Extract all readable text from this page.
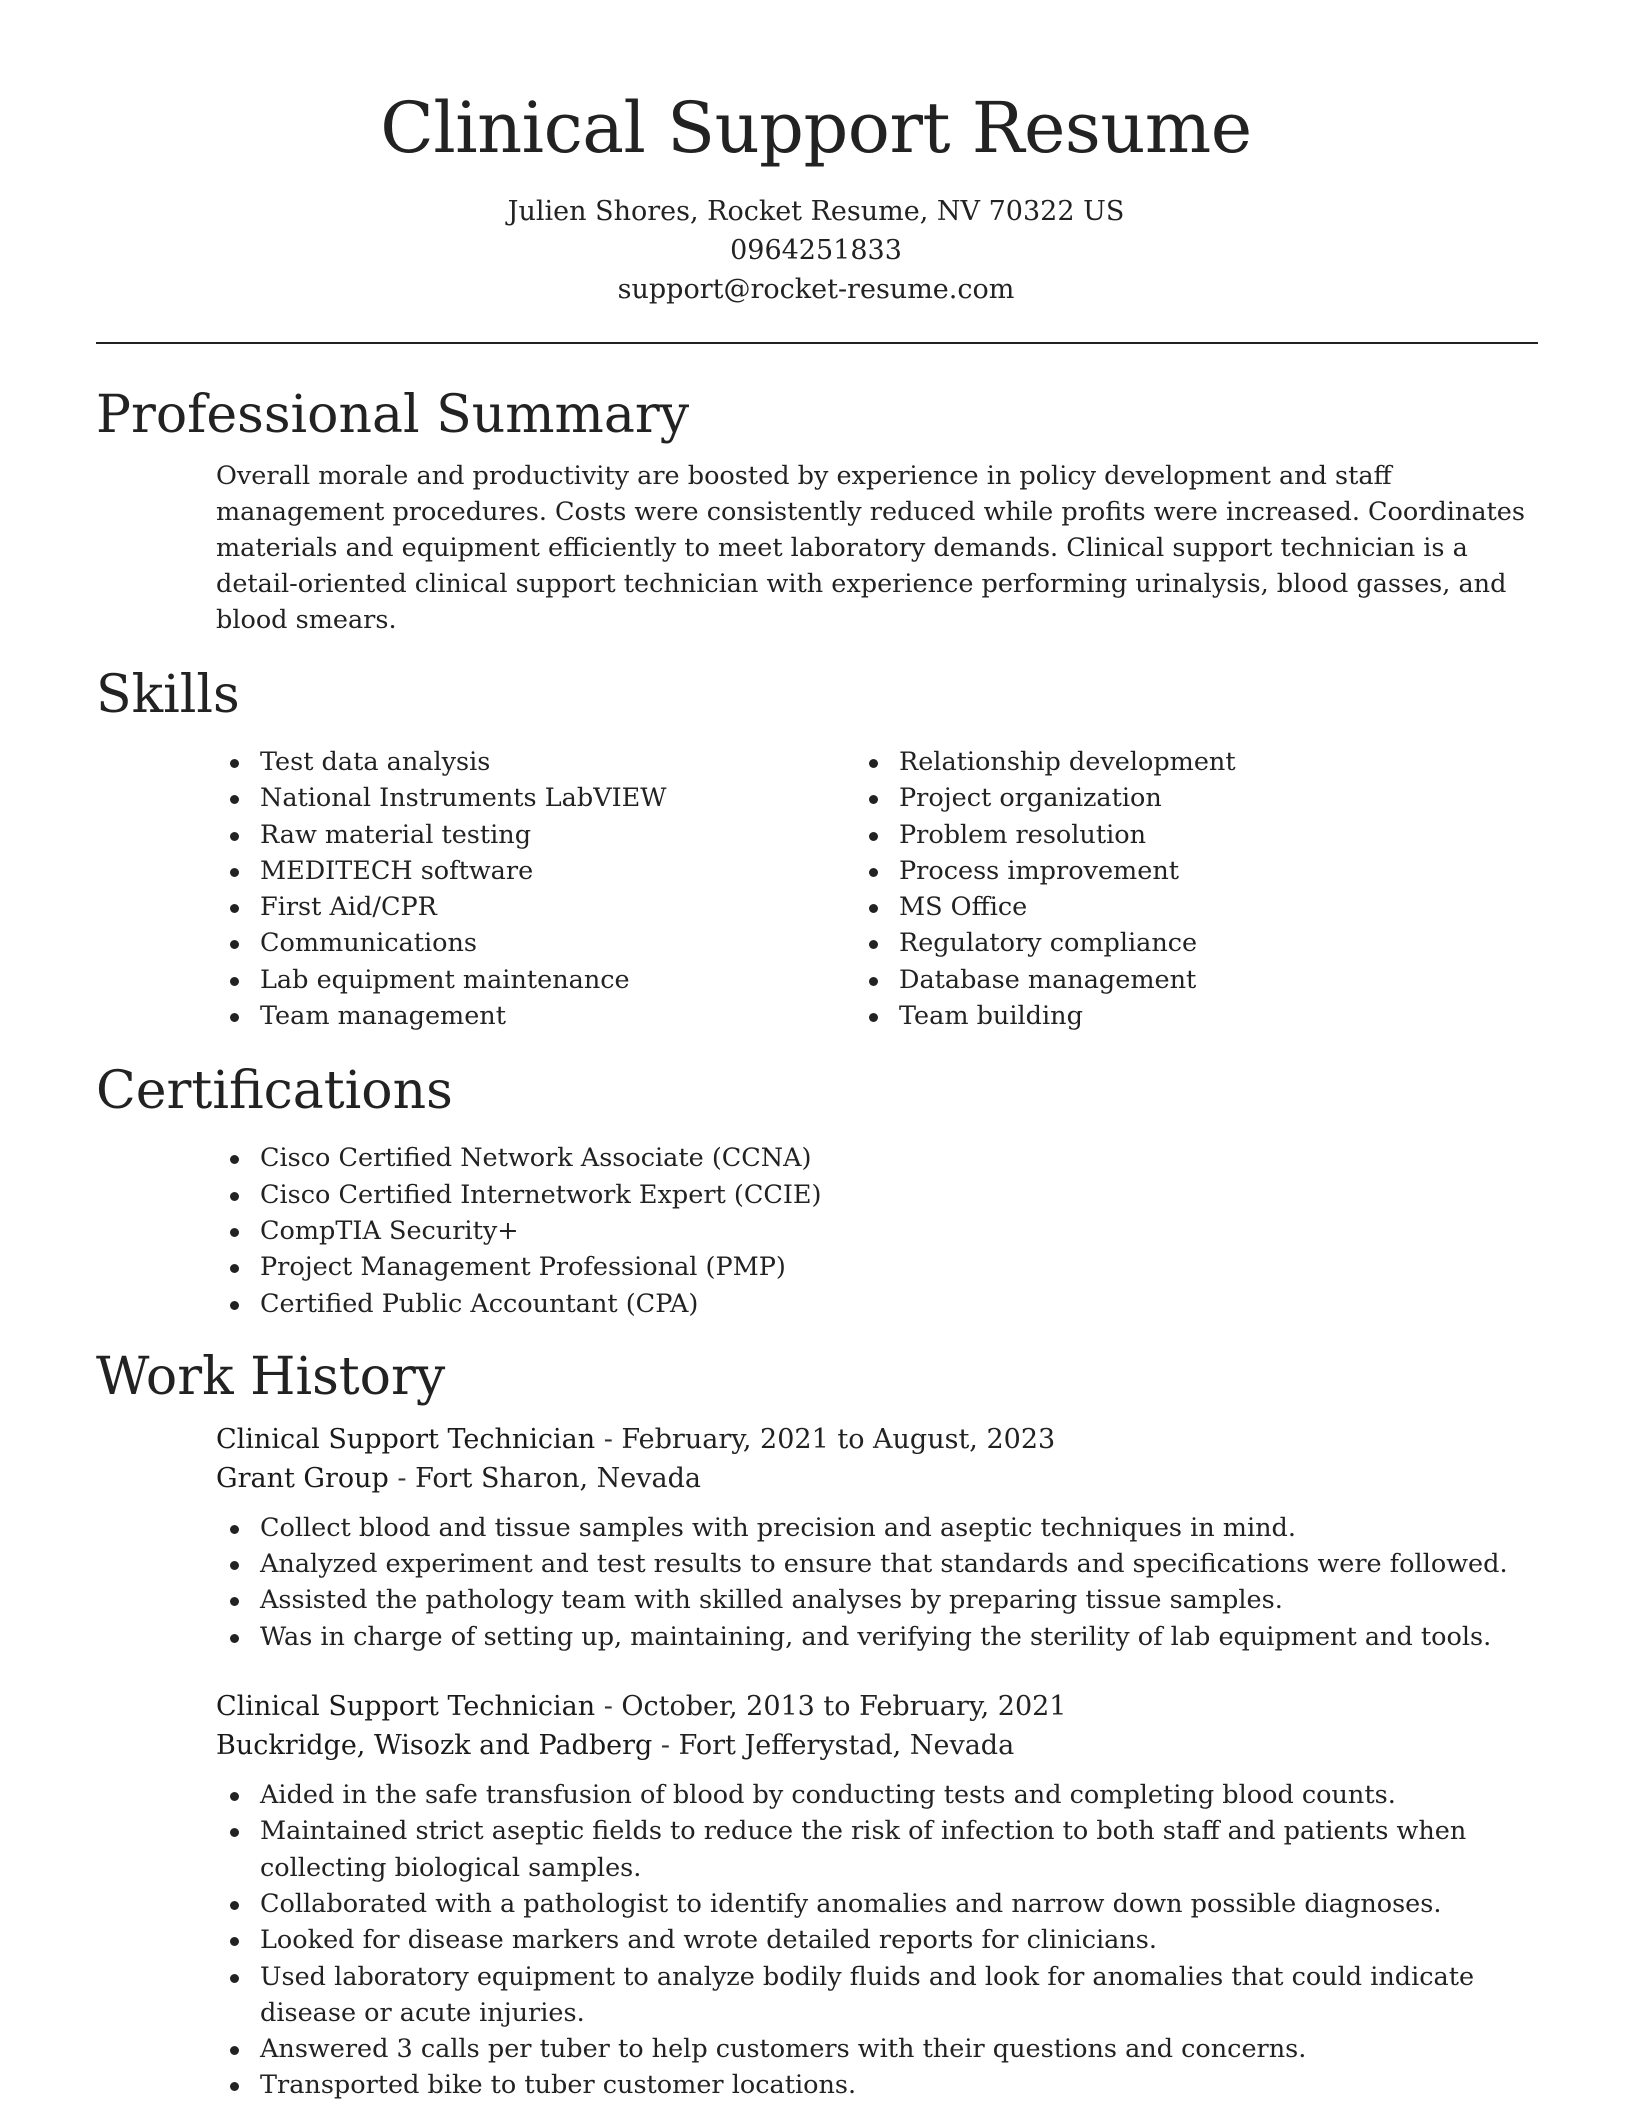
Clinical Support Resume
Julien Shores, Rocket Resume, NV 70322 US
0964251833
support@rocket-resume.com
Professional Summary

Overall morale and productivity are boosted by experience in policy development and staff management procedures. Costs were consistently reduced while profits were increased. Coordinates materials and equipment efficiently to meet laboratory demands. Clinical support technician is a detail-oriented clinical support technician with experience performing urinalysis, blood gasses, and blood smears.

Skills
Test data analysis
National Instruments LabVIEW
Raw material testing
MEDITECH software
First Aid/CPR
Communications
Lab equipment maintenance
Team management
Relationship development
Project organization
Problem resolution
Process improvement
MS Office
Regulatory compliance
Database management
Team building
Certifications
Cisco Certified Network Associate (CCNA)
Cisco Certified Internetwork Expert (CCIE)
CompTIA Security+
Project Management Professional (PMP)
Certified Public Accountant (CPA)
Work History
Clinical Support Technician - February, 2021 to August, 2023
Grant Group - Fort Sharon, Nevada
Collect blood and tissue samples with precision and aseptic techniques in mind.
Analyzed experiment and test results to ensure that standards and specifications were followed.
Assisted the pathology team with skilled analyses by preparing tissue samples.
Was in charge of setting up, maintaining, and verifying the sterility of lab equipment and tools.
Clinical Support Technician - October, 2013 to February, 2021
Buckridge, Wisozk and Padberg - Fort Jefferystad, Nevada
Aided in the safe transfusion of blood by conducting tests and completing blood counts.
Maintained strict aseptic fields to reduce the risk of infection to both staff and patients when collecting biological samples.
Collaborated with a pathologist to identify anomalies and narrow down possible diagnoses.
Looked for disease markers and wrote detailed reports for clinicians.
Used laboratory equipment to analyze bodily fluids and look for anomalies that could indicate disease or acute injuries.
Answered 3 calls per tuber to help customers with their questions and concerns.
Transported bike to tuber customer locations.
